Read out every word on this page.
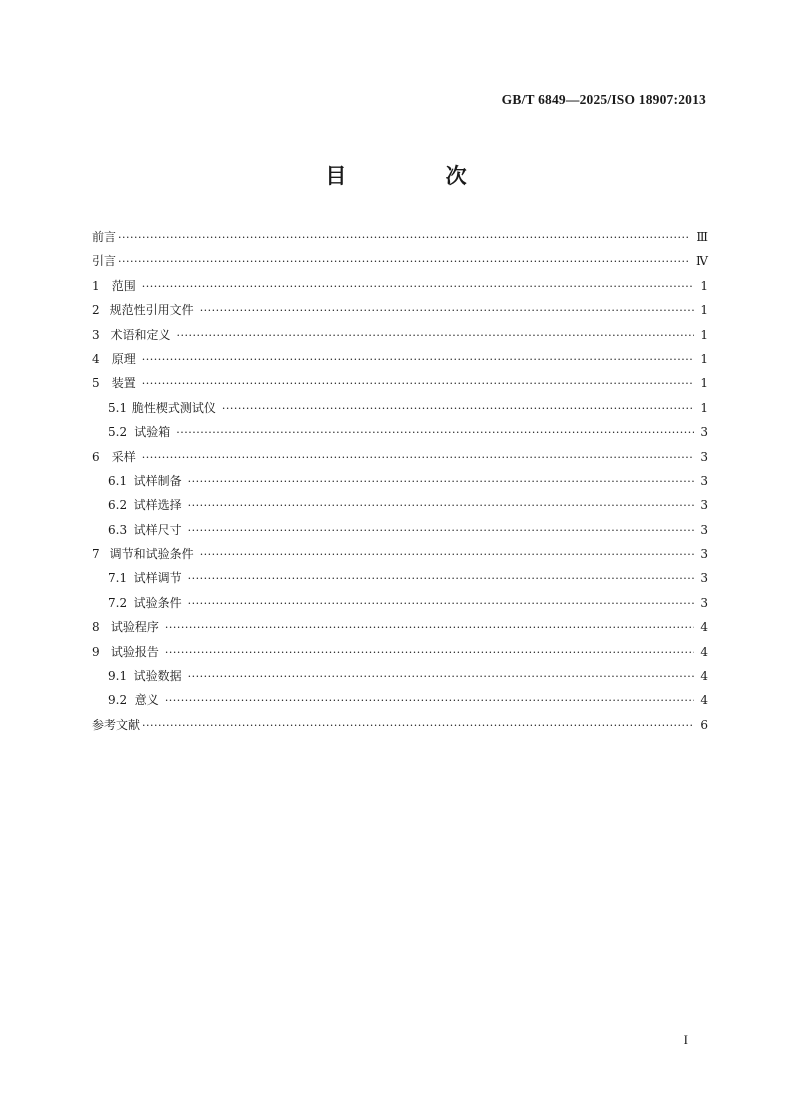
GB/T 6849—2025/ISO 18907:2013
目 次
前言 ·····	Ⅲ
引言 ·····	Ⅳ
1	范围 ·····	1
2 规范性引用文件 ·····	1
3 术语和定义 ·····	1
4	原理 ·····	1
5	装置 ·····	1
5.1 脆性楔式测试仪 ·····	1
5.2 试验箱 ·····	3
6	采样 ·····	3
6.1 试样制备 ·····	3
6.2 试样选择 ·····	3
6.3 试样尺寸 ·····	3
7 调节和试验条件 ·····	3
7.1 试样调节 ·····	3
7.2 试验条件 ·····	3
8 试验程序 ·····	4
9 试验报告 ·····	4
9.1 试验数据 ·····	4
9.2 意义 ·····	4
参考文献 ·····	6
I
